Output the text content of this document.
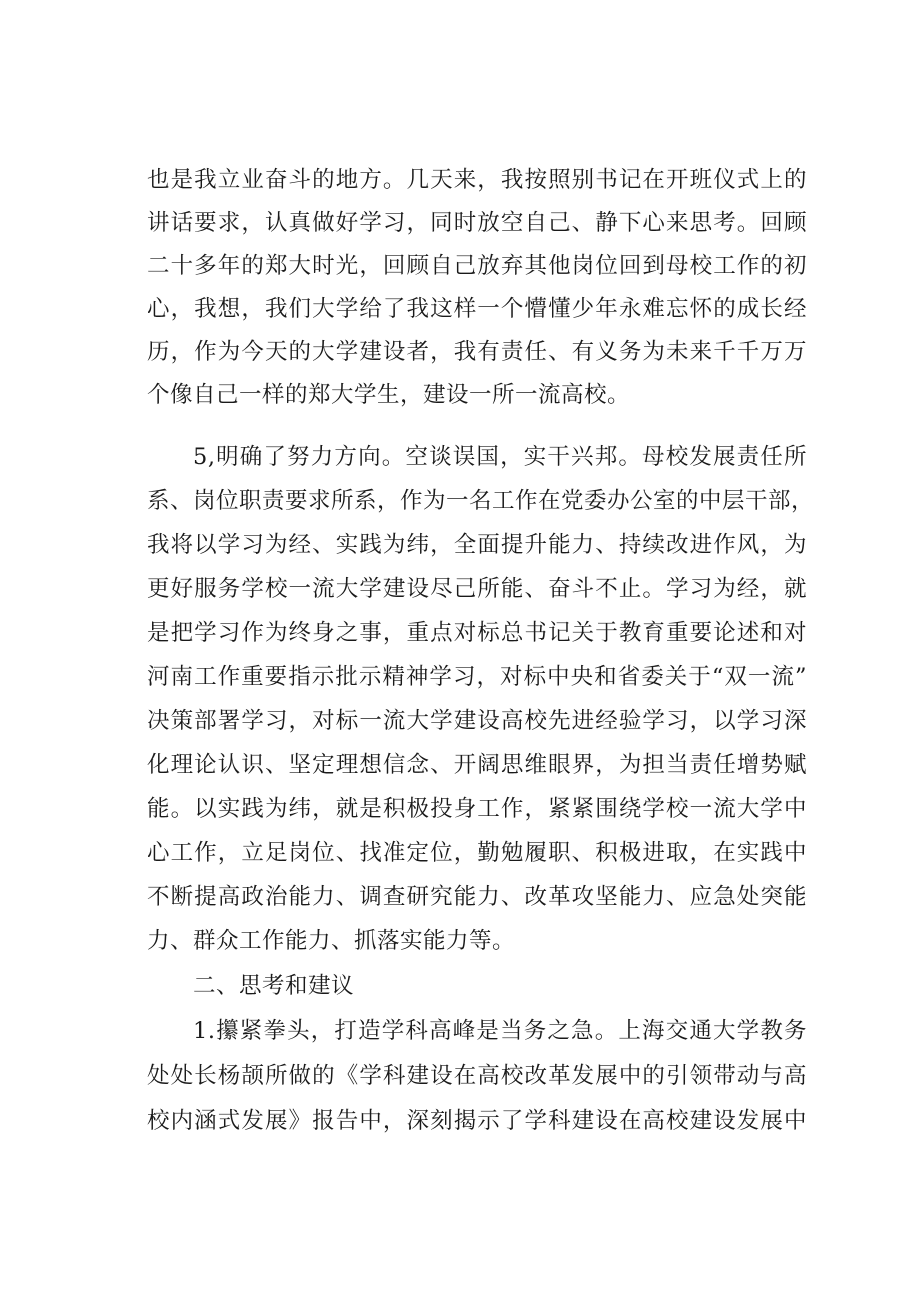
也是我立业奋斗的地方。几天来，我按照别书记在开班仪式上的
讲话要求，认真做好学习，同时放空自己、静下心来思考。回顾
二十多年的郑大时光，回顾自己放弃其他岗位回到母校工作的初
心，我想，我们大学给了我这样一个懵懂少年永难忘怀的成长经
历，作为今天的大学建设者，我有责任、有义务为未来千千万万
个像自己一样的郑大学生，建设一所一流高校。
5,明确了努力方向。空谈误国，实干兴邦。母校发展责任所
系、岗位职责要求所系，作为一名工作在党委办公室的中层干部，
我将以学习为经、实践为纬，全面提升能力、持续改进作风，为
更好服务学校一流大学建设尽己所能、奋斗不止。学习为经，就
是把学习作为终身之事，重点对标总书记关于教育重要论述和对
河南工作重要指示批示精神学习，对标中央和省委关于“双一流”
决策部署学习，对标一流大学建设高校先进经验学习，以学习深
化理论认识、坚定理想信念、开阔思维眼界，为担当责任增势赋
能。以实践为纬，就是积极投身工作，紧紧围绕学校一流大学中
心工作，立足岗位、找准定位，勤勉履职、积极进取，在实践中
不断提高政治能力、调查研究能力、改革攻坚能力、应急处突能
力、群众工作能力、抓落实能力等。
二、思考和建议
1.攥紧拳头，打造学科高峰是当务之急。上海交通大学教务
处处长杨颉所做的《学科建设在高校改革发展中的引领带动与高
校内涵式发展》报告中，深刻揭示了学科建设在高校建设发展中
